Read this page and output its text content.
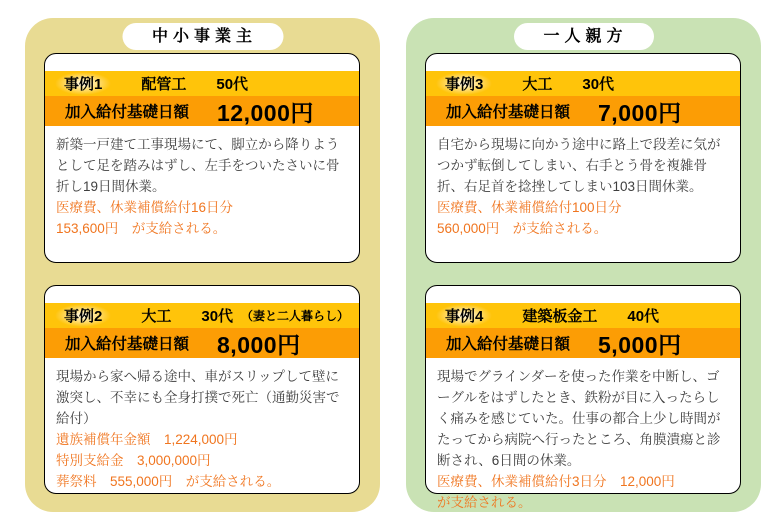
中小事業主
事例1	配管工 50代
加入給付基礎日額 12,000円
新築一戸建て工事現場にて、脚立から降りようとして足を踏みはずし、左手をついたさいに骨折し19日間休業。
医療費、休業補償給付16日分
153,600円　が支給される。
事例2	大工 30代 （妻と二人暮らし）
加入給付基礎日額 8,000円
現場から家へ帰る途中、車がスリップして壁に激突し、不幸にも全身打撲で死亡（通勤災害で給付）
遺族補償年金額　1,224,000円
特別支給金　3,000,000円
葬祭料　555,000円　が支給される。
一人親方
事例3	大工 30代
加入給付基礎日額 7,000円
自宅から現場に向かう途中に路上で段差に気がつかず転倒してしまい、右手とう骨を複雑骨折、右足首を捻挫してしまい103日間休業。
医療費、休業補償給付100日分
560,000円　が支給される。
事例4	建築板金工 40代
加入給付基礎日額 5,000円
現場でグラインダーを使った作業を中断し、ゴーグルをはずしたとき、鉄粉が目に入ったらしく痛みを感じていた。仕事の都合上少し時間がたってから病院へ行ったところ、角膜潰瘍と診断され、6日間の休業。
医療費、休業補償給付3日分　12,000円
が支給される。
